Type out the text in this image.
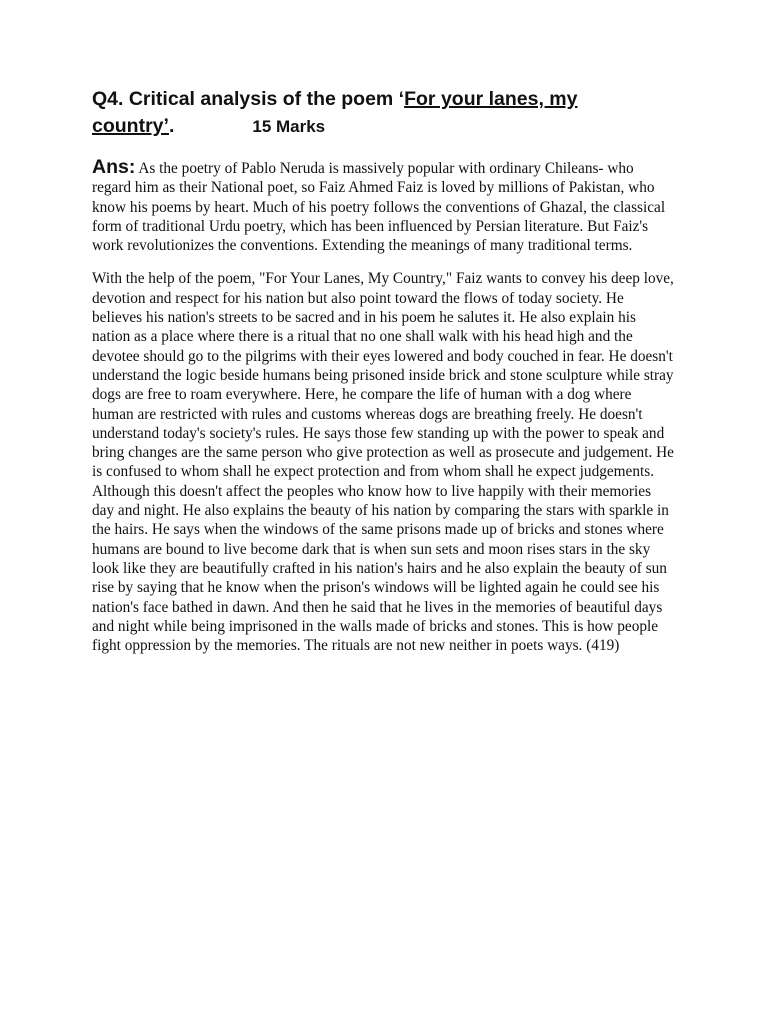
Q4. Critical analysis of the poem ‘For your lanes, my country’.	15 Marks

Ans: As the poetry of Pablo Neruda is massively popular with ordinary Chileans- who regard him as their National poet, so Faiz Ahmed Faiz is loved by millions of Pakistan, who know his poems by heart. Much of his poetry follows the conventions of Ghazal, the classical form of traditional Urdu poetry, which has been influenced by Persian literature. But Faiz's work revolutionizes the conventions. Extending the meanings of many traditional terms.

With the help of the poem, "For Your Lanes, My Country," Faiz wants to convey his deep love, devotion and respect for his nation but also point toward the flows of today society. He believes his nation's streets to be sacred and in his poem he salutes it. He also explain his nation as a place where there is a ritual that no one shall walk with his head high and the devotee should go to the pilgrims with their eyes lowered and body couched in fear. He doesn't understand the logic beside humans being prisoned inside brick and stone sculpture while stray dogs are free to roam everywhere. Here, he compare the life of human with a dog where human are restricted with rules and customs whereas dogs are breathing freely. He doesn't understand today's society's rules. He says those few standing up with the power to speak and bring changes are the same person who give protection as well as prosecute and judgement. He is confused to whom shall he expect protection and from whom shall he expect judgements. Although this doesn't affect the peoples who know how to live happily with their memories day and night. He also explains the beauty of his nation by comparing the stars with sparkle in the hairs. He says when the windows of the same prisons made up of bricks and stones where humans are bound to live become dark that is when sun sets and moon rises stars in the sky look like they are beautifully crafted in his nation's hairs and he also explain the beauty of sun rise by saying that he know when the prison's windows will be lighted again he could see his nation's face bathed in dawn. And then he said that he lives in the memories of beautiful days and night while being imprisoned in the walls made of bricks and stones. This is how people fight oppression by the memories. The rituals are not new neither in poets ways. (419)
